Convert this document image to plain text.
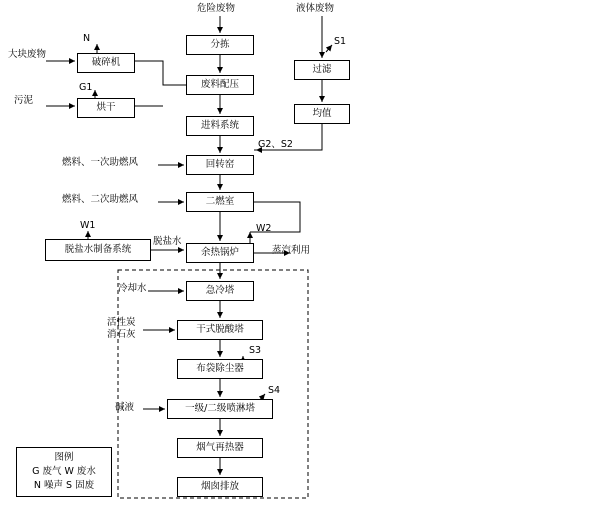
分拣
破碎机
烘干
过滤
均值
废料配压
进料系统
回转窑
二燃室
余热锅炉
脱盐水制备系统
急冷塔
干式脱酸塔
布袋除尘器
一级/二级喷淋塔
烟气再热器
烟囱排放
危险废物	液体废物
大块废物
污泥
N
G1
S1
G2、S2
燃料、一次助燃风
燃料、二次助燃风
W1	W2
脱盐水
蒸汽利用
冷却水
活性炭
消石灰
S3
S4
碱液
图例
G 废气 W 废水
N 噪声 S 固废
